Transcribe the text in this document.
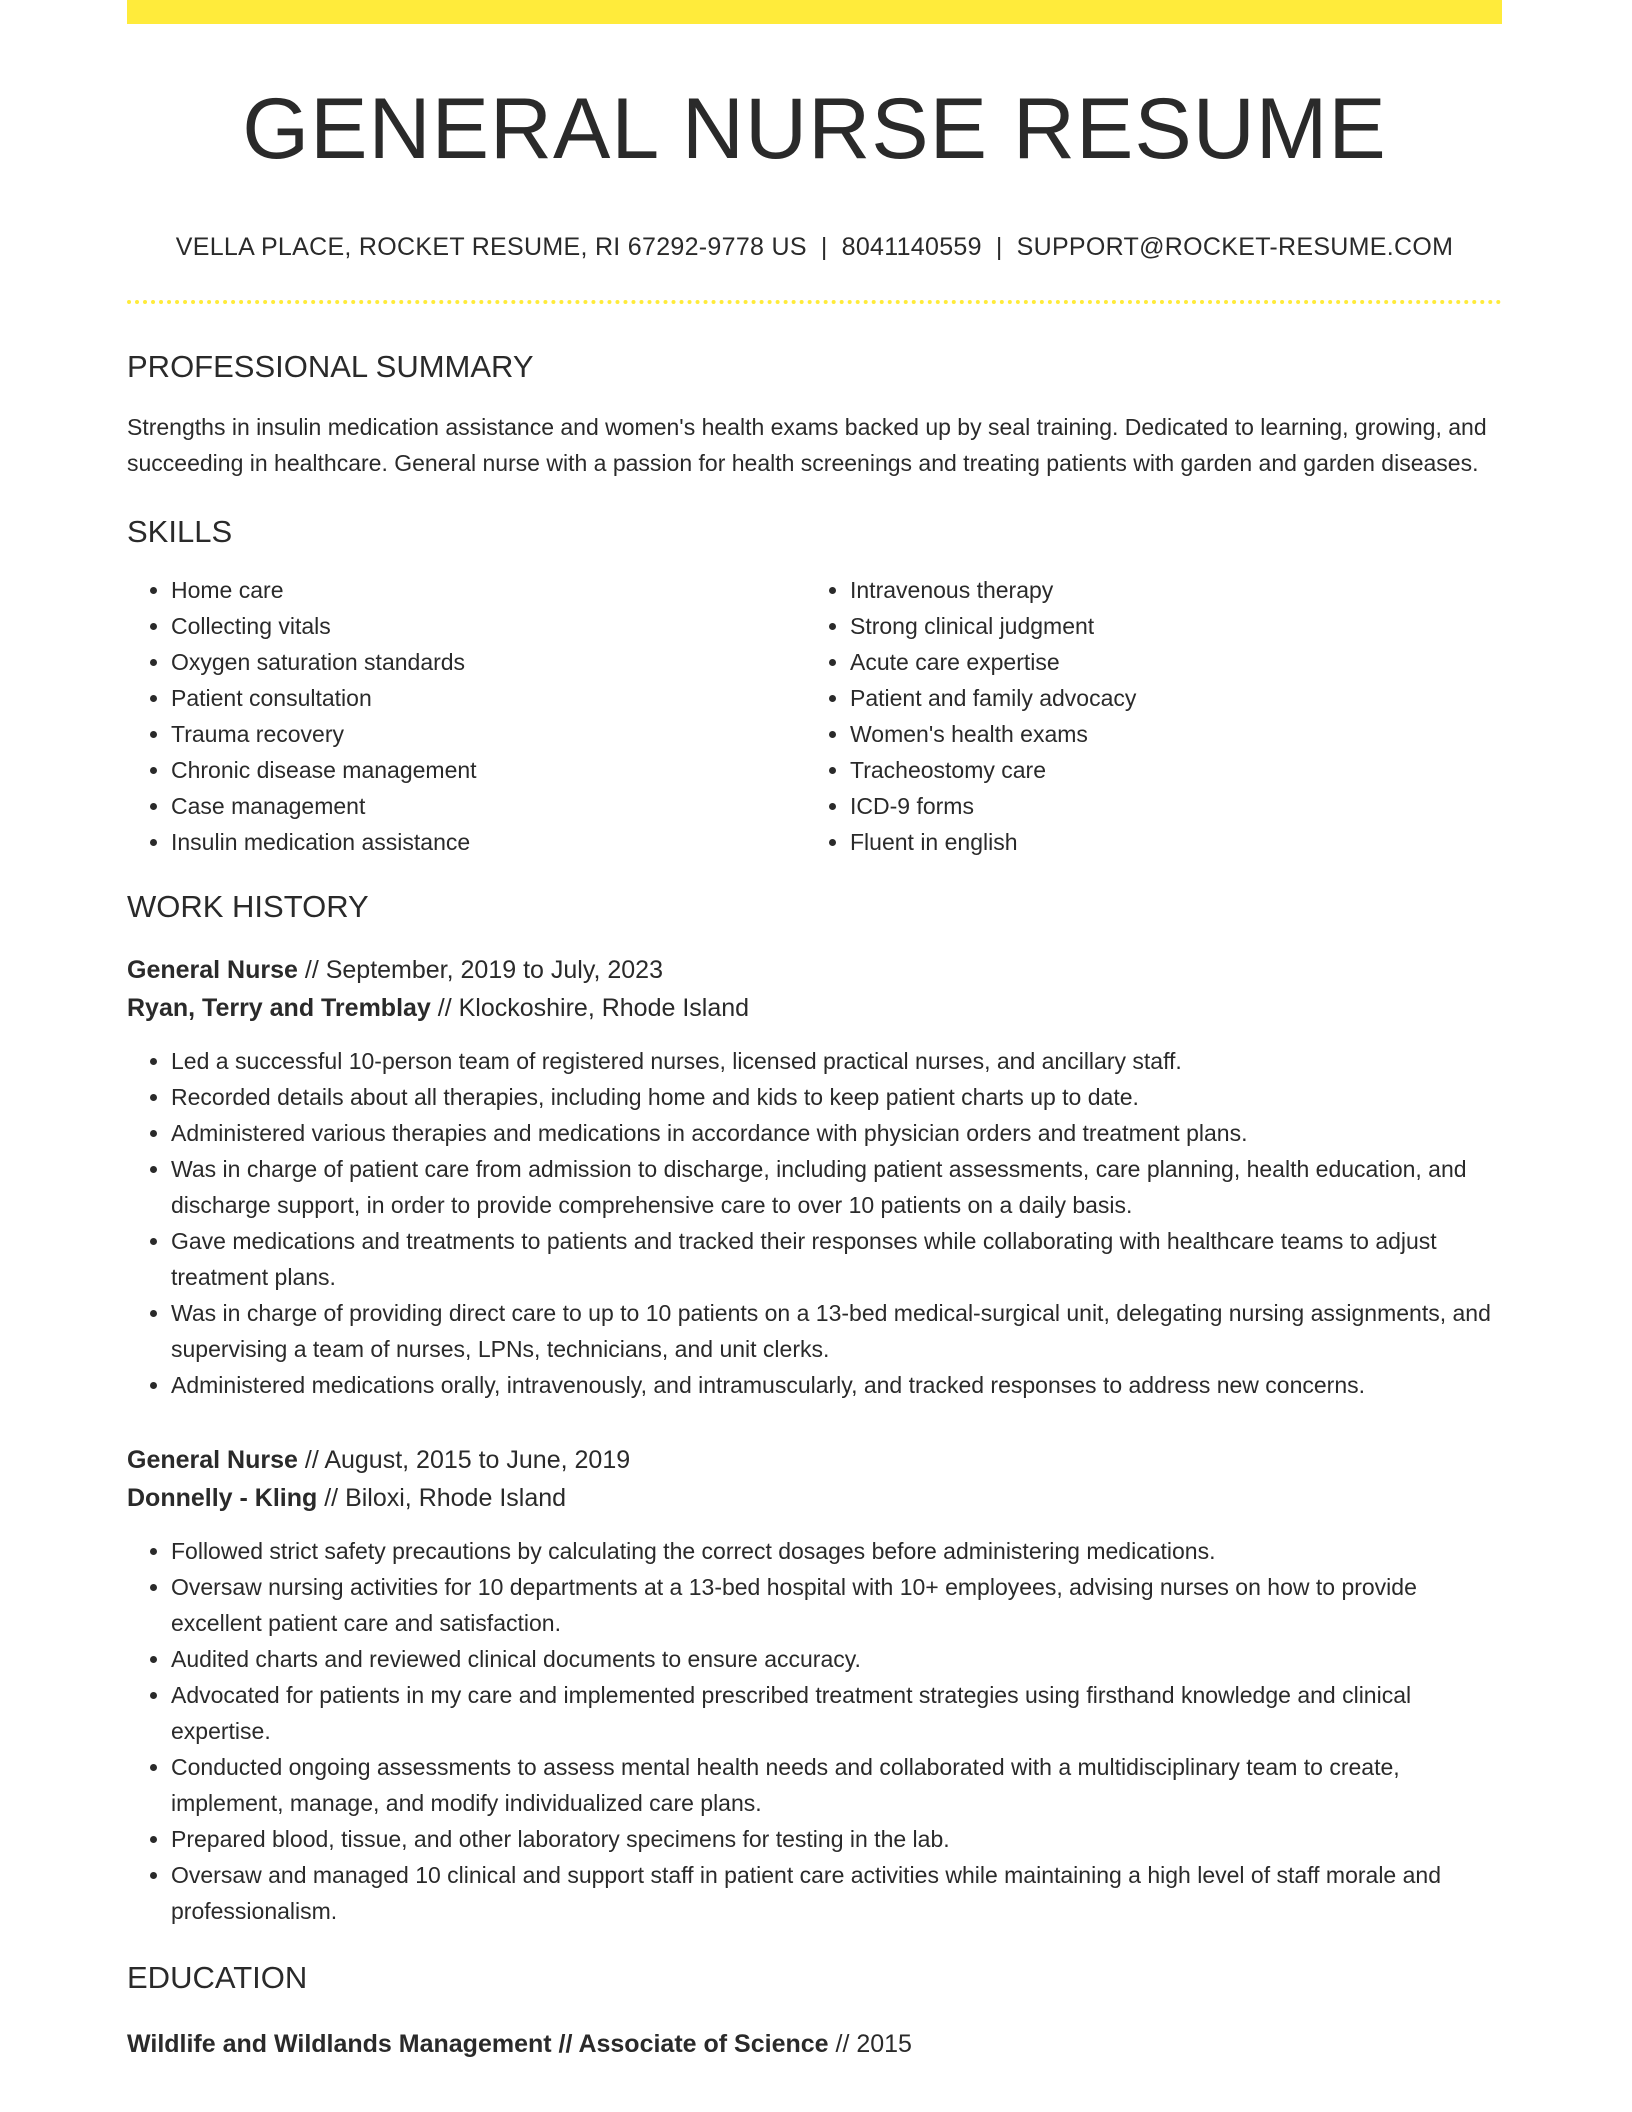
GENERAL NURSE RESUME
VELLA PLACE, ROCKET RESUME, RI 67292-9778 US | 8041140559 | SUPPORT@ROCKET-RESUME.COM
PROFESSIONAL SUMMARY

Strengths in insulin medication assistance and women's health exams backed up by seal training. Dedicated to learning, growing, and succeeding in healthcare. General nurse with a passion for health screenings and treating patients with garden and garden diseases.

SKILLS
• Home care
• Collecting vitals
• Oxygen saturation standards
• Patient consultation
• Trauma recovery
• Chronic disease management
• Case management
• Insulin medication assistance
• Intravenous therapy
• Strong clinical judgment
• Acute care expertise
• Patient and family advocacy
• Women's health exams
• Tracheostomy care
• ICD-9 forms
• Fluent in english
WORK HISTORY
General Nurse // September, 2019 to July, 2023
Ryan, Terry and Tremblay // Klockoshire, Rhode Island
• Led a successful 10-person team of registered nurses, licensed practical nurses, and ancillary staff.
• Recorded details about all therapies, including home and kids to keep patient charts up to date.
• Administered various therapies and medications in accordance with physician orders and treatment plans.
• Was in charge of patient care from admission to discharge, including patient assessments, care planning, health education, and discharge support, in order to provide comprehensive care to over 10 patients on a daily basis.
• Gave medications and treatments to patients and tracked their responses while collaborating with healthcare teams to adjust treatment plans.
• Was in charge of providing direct care to up to 10 patients on a 13-bed medical-surgical unit, delegating nursing assignments, and supervising a team of nurses, LPNs, technicians, and unit clerks.
• Administered medications orally, intravenously, and intramuscularly, and tracked responses to address new concerns.
General Nurse // August, 2015 to June, 2019
Donnelly - Kling // Biloxi, Rhode Island
• Followed strict safety precautions by calculating the correct dosages before administering medications.
• Oversaw nursing activities for 10 departments at a 13-bed hospital with 10+ employees, advising nurses on how to provide excellent patient care and satisfaction.
• Audited charts and reviewed clinical documents to ensure accuracy.
• Advocated for patients in my care and implemented prescribed treatment strategies using firsthand knowledge and clinical expertise.
• Conducted ongoing assessments to assess mental health needs and collaborated with a multidisciplinary team to create, implement, manage, and modify individualized care plans.
• Prepared blood, tissue, and other laboratory specimens for testing in the lab.
• Oversaw and managed 10 clinical and support staff in patient care activities while maintaining a high level of staff morale and professionalism.
EDUCATION
Wildlife and Wildlands Management // Associate of Science // 2015
